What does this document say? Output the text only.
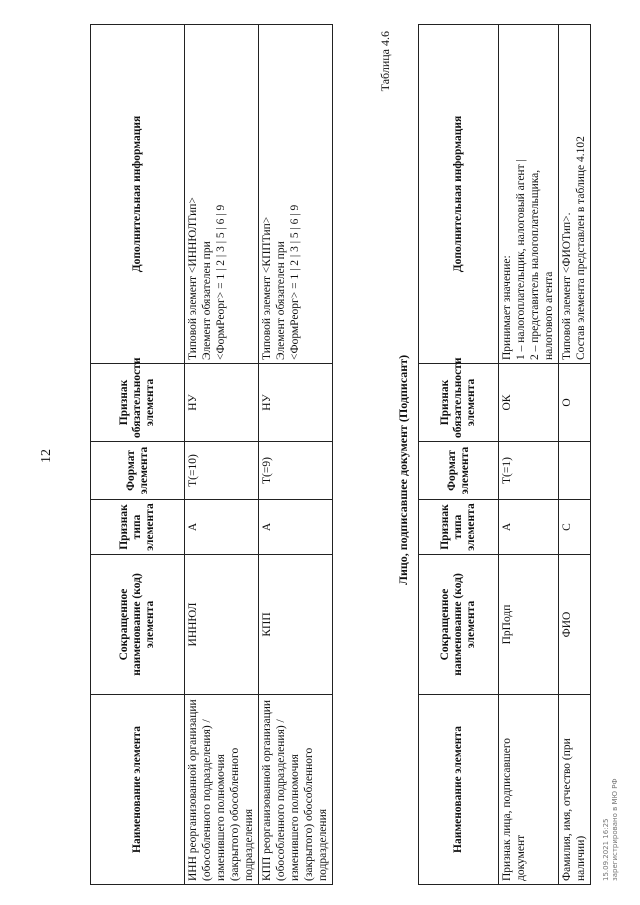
12
Наименование элемента	Сокращенное наименование (код) элемента	Признак типа элемента	Формат элемента	Признак обязательности элемента	Дополнительная информация
ИНН реорганизованной организации (обособленного подразделения) / изменившего полномочия (закрытого) обособленного подразделения	ИННЮЛ	А	Т(=10)	НУ	Типовой элемент <ИННЮЛТип> Элемент обязателен при <ФормРеорг> = 1 | 2 | 3 | 5 | 6 | 9

КПП реорганизованной организации (обособленного подразделения) / изменившего полномочия (закрытого) обособленного подразделения	КПП	А	Т(=9)	НУ	Типовой элемент <КППТип> Элемент обязателен при <ФормРеорг> = 1 | 2 | 3 | 5 | 6 | 9
Таблица 4.6
Лицо, подписавшее документ (Подписант)
Наименование элемента	Сокращенное наименование (код) элемента	Признак типа элемента	Формат элемента	Признак обязательности элемента	Дополнительная информация
Признак лица, подписавшего документ	ПрПодп	А	Т(=1)	ОК	Принимает значение: 1 – налогоплательщик, налоговый агент | 2 – представитель налогоплательщика, налогового агента

Фамилия, имя, отчество (при наличии)	ФИО	С		О	Типовой элемент <ФИОТип>. Состав элемента представлен в таблице 4.102
15.09.2021 16:25 зарегистрировано в МЮ РФ
